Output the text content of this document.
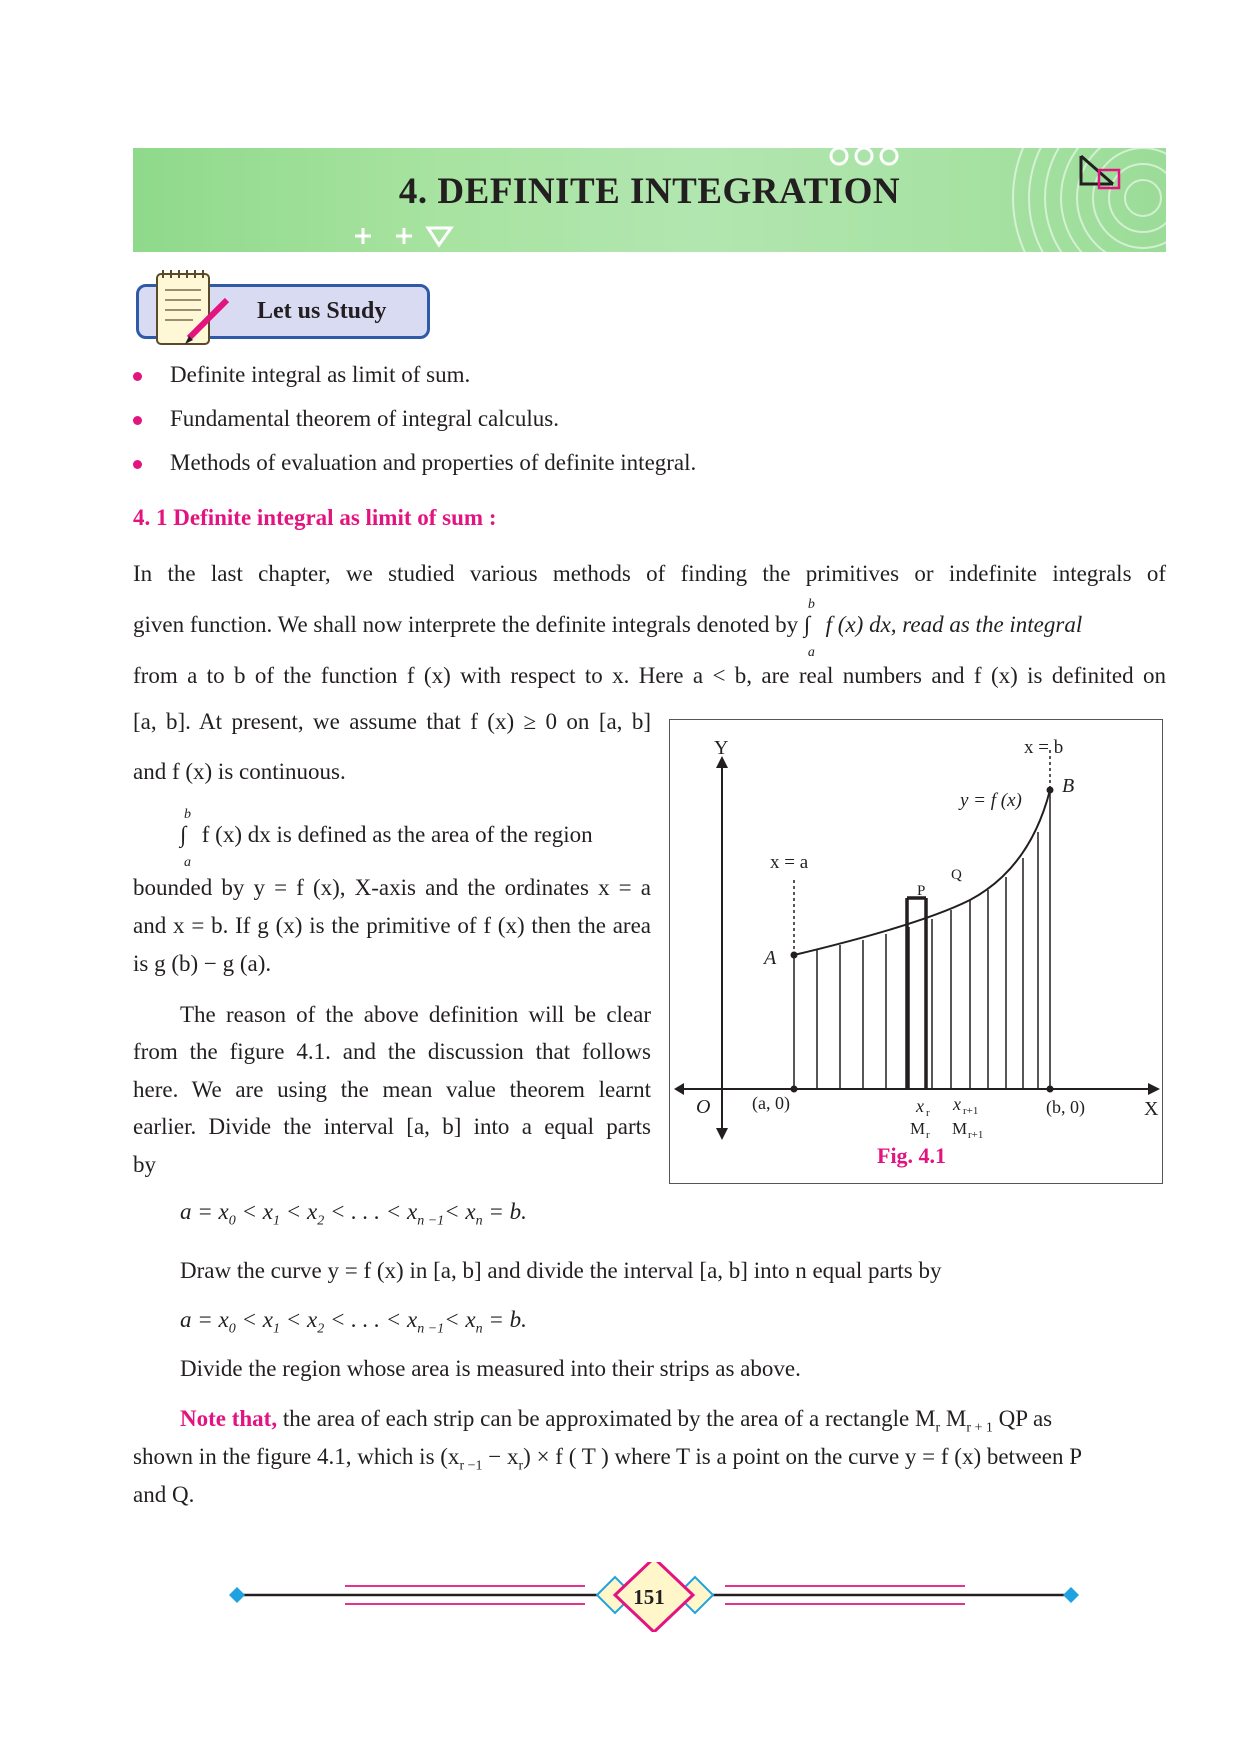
4. DEFINITE INTEGRATION
Let us Study
Definite integral as limit of sum.
Fundamental theorem of integral calculus.
Methods of evaluation and properties of definite integral.
4. 1 Definite integral as limit of sum :
In the last chapter, we studied various methods of finding the primitives or indefinite integrals of
given function. We shall now interprete the definite integrals denoted by ∫
b
a
f (x) dx, read as the integral
from a to b of the function f (x) with respect to x. Here a < b, are real numbers and f (x) is definited on
[a, b]. At present, we assume that f (x) ≥ 0 on [a, b]
and f (x) is continuous.
∫
b
a
f (x) dx is defined as the area of the region
bounded by y = f (x), X-axis and the ordinates x = a
and x = b. If g (x) is the primitive of f (x) then the area
is g (b) − g (a).
The reason of the above definition will be clear
from the figure 4.1. and the discussion that follows
here. We are using the mean value theorem learnt
earlier. Divide the interval [a, b] into a equal parts
by
$a = x_0 < x_1 < x_2$ < . . . < $x_{n -1}< x_n = b$.
Draw the curve y = f (x) in [a, b] and divide the interval [a, b] into n equal parts by
$a = x_0 < x_1 < x_2$ < . . . < $x_{n -1}< x_n = b$.
Divide the region whose area is measured into their strips as above.
Note that, the area of each strip can be approximated by the area of a rectangle $M_r$ $M_{r + 1}$ QP as
shown in the figure 4.1, which is $(x_{r -1} - x_r) \times f$ ( T ) where T is a point on the curve y = f (x) between P
and Q.
Y
X
O
x = a
x = b
y = f (x)
A
B
P
Q
(a, 0)	(b, 0)
x r x r+1
M r M r+1
Fig. 4.1
151
